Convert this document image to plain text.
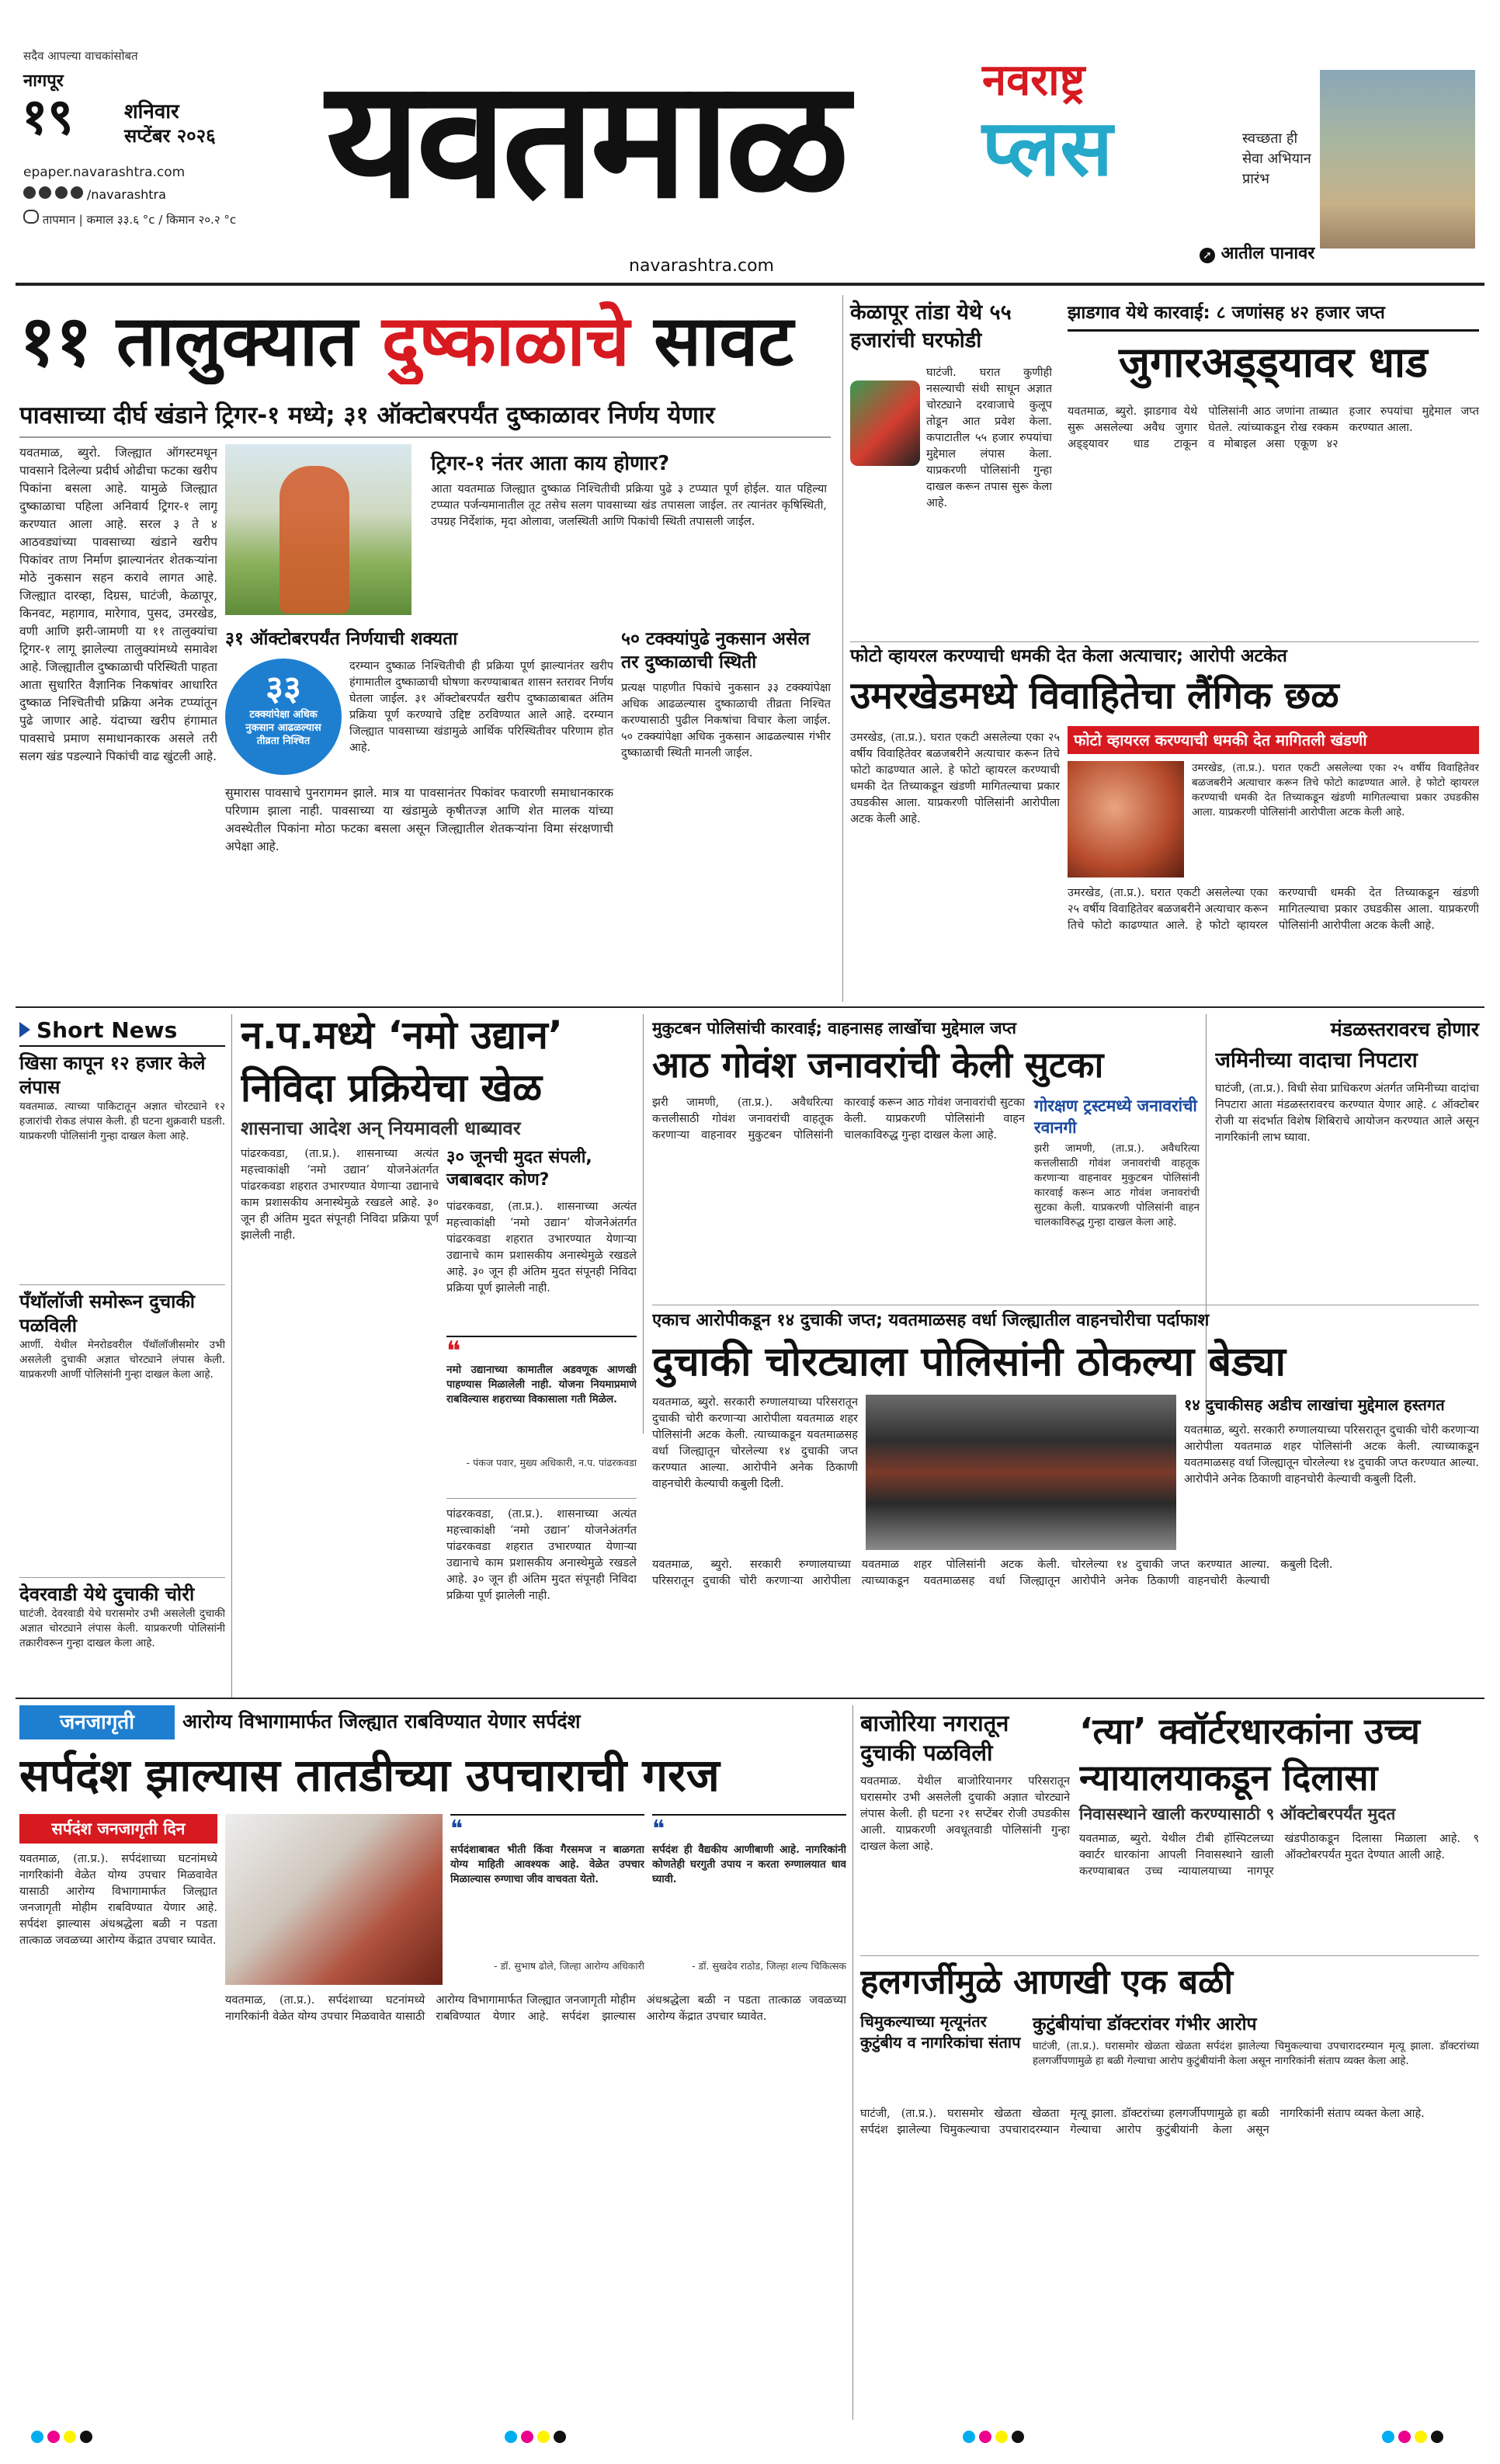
सदैव आपल्या वाचकांसोबत
नागपूर
१९	शनिवार
सप्टेंबर २०२६
epaper.navarashtra.com
/navarashtra
तापमान | कमाल ३३.६ °c / किमान २०.२ °c यवतमाळ
navarashtra.com
नवराष्ट्र
प्लस	स्वच्छता ही सेवा अभियान प्रारंभ
➚ आतील पानावर
११ तालुक्यात दुष्काळाचे सावट
पावसाच्या दीर्घ खंडाने ट्रिगर-१ मध्ये; ३१ ऑक्टोबरपर्यंत दुष्काळावर निर्णय येणार
यवतमाळ, ब्युरो. जिल्ह्यात ऑगस्टमधून पावसाने दिलेल्या प्रदीर्घ ओढीचा फटका खरीप पिकांना बसला आहे. यामुळे जिल्ह्यात दुष्काळाचा पहिला अनिवार्य ट्रिगर-१ लागू करण्यात आला आहे. सरल ३ ते ४ आठवड्यांच्या पावसाच्या खंडाने खरीप पिकांवर ताण निर्माण झाल्यानंतर शेतकऱ्यांना मोठे नुकसान सहन करावे लागत आहे. जिल्ह्यात दारव्हा, दिग्रस, घाटंजी, केळापूर, किनवट, महागाव, मारेगाव, पुसद, उमरखेड, वणी आणि झरी-जामणी या ११ तालुक्यांचा ट्रिगर-१ लागू झालेल्या तालुक्यांमध्ये समावेश आहे. जिल्ह्यातील दुष्काळाची परिस्थिती पाहता आता सुधारित वैज्ञानिक निकषांवर आधारित दुष्काळ निश्चितीची प्रक्रिया अनेक टप्प्यांतून पुढे जाणार आहे. यंदाच्या खरीप हंगामात पावसाचे प्रमाण समाधानकारक असले तरी सलग खंड पडल्याने पिकांची वाढ खुंटली आहे.
३१ ऑक्टोबरपर्यंत निर्णयाची शक्यता
३३
टक्क्यांपेक्षा अधिक नुकसान आढळल्यास तीव्रता निश्चित
दरम्यान दुष्काळ निश्चितीची ही प्रक्रिया पूर्ण झाल्यानंतर खरीप हंगामातील दुष्काळाची घोषणा करण्याबाबत शासन स्तरावर निर्णय घेतला जाईल. ३१ ऑक्टोबरपर्यंत खरीप दुष्काळाबाबत अंतिम प्रक्रिया पूर्ण करण्याचे उद्दिष्ट ठरविण्यात आले आहे. दरम्यान जिल्ह्यात पावसाच्या खंडामुळे आर्थिक परिस्थितीवर परिणाम होत आहे.
सुमारास पावसाचे पुनरागमन झाले. मात्र या पावसानंतर पिकांवर फवारणी समाधानकारक परिणाम झाला नाही. पावसाच्या या खंडामुळे कृषीतज्ज्ञ आणि शेत मालक यांच्या अवस्थेतील पिकांना मोठा फटका बसला असून जिल्ह्यातील शेतकऱ्यांना विमा संरक्षणाची अपेक्षा आहे.
ट्रिगर-१ नंतर आता काय होणार?
आता यवतमाळ जिल्ह्यात दुष्काळ निश्चितीची प्रक्रिया पुढे ३ टप्प्यात पूर्ण होईल. यात पहिल्या टप्प्यात पर्जन्यमानातील तूट तसेच सलग पावसाच्या खंड तपासला जाईल. तर त्यानंतर कृषिस्थिती, उपग्रह निर्देशांक, मृदा ओलावा, जलस्थिती आणि पिकांची स्थिती तपासली जाईल.
५० टक्क्यांपुढे नुकसान असेल तर दुष्काळाची स्थिती
प्रत्यक्ष पाहणीत पिकांचे नुकसान ३३ टक्क्यांपेक्षा अधिक आढळल्यास दुष्काळाची तीव्रता निश्चित करण्यासाठी पुढील निकषांचा विचार केला जाईल. ५० टक्क्यांपेक्षा अधिक नुकसान आढळल्यास गंभीर दुष्काळाची स्थिती मानली जाईल.
केळापूर तांडा येथे ५५ हजारांची घरफोडी
घाटंजी. घरात कुणीही नसल्याची संधी साधून अज्ञात चोरट्याने दरवाजाचे कुलूप तोडून आत प्रवेश केला. कपाटातील ५५ हजार रुपयांचा मुद्देमाल लंपास केला. याप्रकरणी पोलिसांनी गुन्हा दाखल करून तपास सुरू केला आहे.
झाडगाव येथे कारवाई: ८ जणांसह ४२ हजार जप्त
जुगारअड्ड्यावर धाड
यवतमाळ, ब्युरो. झाडगाव येथे सुरू असलेल्या अवैध जुगार अड्ड्यावर धाड टाकून पोलिसांनी आठ जणांना ताब्यात घेतले. त्यांच्याकडून रोख रक्कम व मोबाइल असा एकूण ४२ हजार रुपयांचा मुद्देमाल जप्त करण्यात आला.
फोटो व्हायरल करण्याची धमकी देत केला अत्याचार; आरोपी अटकेत
उमरखेडमध्ये विवाहितेचा लैंगिक छळ
फोटो व्हायरल करण्याची धमकी देत मागितली खंडणी
उमरखेड, (ता.प्र.). घरात एकटी असलेल्या एका २५ वर्षीय विवाहितेवर बळजबरीने अत्याचार करून तिचे फोटो काढण्यात आले. हे फोटो व्हायरल करण्याची धमकी देत तिच्याकडून खंडणी मागितल्याचा प्रकार उघडकीस आला. याप्रकरणी पोलिसांनी आरोपीला अटक केली आहे.
उमरखेड, (ता.प्र.). घरात एकटी असलेल्या एका २५ वर्षीय विवाहितेवर बळजबरीने अत्याचार करून तिचे फोटो काढण्यात आले. हे फोटो व्हायरल करण्याची धमकी देत तिच्याकडून खंडणी मागितल्याचा प्रकार उघडकीस आला. याप्रकरणी पोलिसांनी आरोपीला अटक केली आहे.
उमरखेड, (ता.प्र.). घरात एकटी असलेल्या एका २५ वर्षीय विवाहितेवर बळजबरीने अत्याचार करून तिचे फोटो काढण्यात आले. हे फोटो व्हायरल करण्याची धमकी देत तिच्याकडून खंडणी मागितल्याचा प्रकार उघडकीस आला. याप्रकरणी पोलिसांनी आरोपीला अटक केली आहे.
Short News
खिसा कापून १२ हजार केले लंपास
यवतमाळ. त्याच्या पाकिटातून अज्ञात चोरट्याने १२ हजारांची रोकड लंपास केली. ही घटना शुक्रवारी घडली. याप्रकरणी पोलिसांनी गुन्हा दाखल केला आहे.
पँथॉलॉजी समोरून दुचाकी पळविली
आर्णी. येथील मेनरोडवरील पॅथॉलॉजीसमोर उभी असलेली दुचाकी अज्ञात चोरट्याने लंपास केली. याप्रकरणी आर्णी पोलिसांनी गुन्हा दाखल केला आहे.
देवरवाडी येथे दुचाकी चोरी
घाटंजी. देवरवाडी येथे घरासमोर उभी असलेली दुचाकी अज्ञात चोरट्याने लंपास केली. याप्रकरणी पोलिसांनी तक्रारीवरून गुन्हा दाखल केला आहे.
न.प.मध्ये ‘नमो उद्यान’
निविदा प्रक्रियेचा खेळ
शासनाचा आदेश अन् नियमावली धाब्यावर
पांढरकवडा, (ता.प्र.). शासनाच्या अत्यंत महत्त्वाकांक्षी ‘नमो उद्यान’ योजनेअंतर्गत पांढरकवडा शहरात उभारण्यात येणाऱ्या उद्यानाचे काम प्रशासकीय अनास्थेमुळे रखडले आहे. ३० जून ही अंतिम मुदत संपूनही निविदा प्रक्रिया पूर्ण झालेली नाही.
३० जूनची मुदत संपली, जबाबदार कोण?
पांढरकवडा, (ता.प्र.). शासनाच्या अत्यंत महत्त्वाकांक्षी ‘नमो उद्यान’ योजनेअंतर्गत पांढरकवडा शहरात उभारण्यात येणाऱ्या उद्यानाचे काम प्रशासकीय अनास्थेमुळे रखडले आहे. ३० जून ही अंतिम मुदत संपूनही निविदा प्रक्रिया पूर्ण झालेली नाही.
❝
नमो उद्यानाच्या कामातील अडवणूक आणखी पाहण्यास मिळालेली नाही. योजना नियमाप्रमाणे राबविल्यास शहराच्या विकासाला गती मिळेल.
- पंकज पवार, मुख्य अधिकारी, न.प. पांढरकवडा
पांढरकवडा, (ता.प्र.). शासनाच्या अत्यंत महत्त्वाकांक्षी ‘नमो उद्यान’ योजनेअंतर्गत पांढरकवडा शहरात उभारण्यात येणाऱ्या उद्यानाचे काम प्रशासकीय अनास्थेमुळे रखडले आहे. ३० जून ही अंतिम मुदत संपूनही निविदा प्रक्रिया पूर्ण झालेली नाही.
मुकुटबन पोलिसांची कारवाई; वाहनासह लाखोंचा मुद्देमाल जप्त
आठ गोवंश जनावरांची केली सुटका
झरी जामणी, (ता.प्र.). अवैधरित्या कत्तलीसाठी गोवंश जनावरांची वाहतूक करणाऱ्या वाहनावर मुकुटबन पोलिसांनी कारवाई करून आठ गोवंश जनावरांची सुटका केली. याप्रकरणी पोलिसांनी वाहन चालकाविरुद्ध गुन्हा दाखल केला आहे.
गोरक्षण ट्रस्टमध्ये जनावरांची रवानगी
झरी जामणी, (ता.प्र.). अवैधरित्या कत्तलीसाठी गोवंश जनावरांची वाहतूक करणाऱ्या वाहनावर मुकुटबन पोलिसांनी कारवाई करून आठ गोवंश जनावरांची सुटका केली. याप्रकरणी पोलिसांनी वाहन चालकाविरुद्ध गुन्हा दाखल केला आहे.
मंडळस्तरावरच होणार
जमिनीच्या वादाचा निपटारा
घाटंजी, (ता.प्र.). विधी सेवा प्राधिकरण अंतर्गत जमिनीच्या वादांचा निपटारा आता मंडळस्तरावरच करण्यात येणार आहे. ८ ऑक्टोबर रोजी या संदर्भात विशेष शिबिराचे आयोजन करण्यात आले असून नागरिकांनी लाभ घ्यावा.
एकाच आरोपीकडून १४ दुचाकी जप्त; यवतमाळसह वर्धा जिल्ह्यातील वाहनचोरीचा पर्दाफाश
दुचाकी चोरट्याला पोलिसांनी ठोकल्या बेड्या
यवतमाळ, ब्युरो. सरकारी रुग्णालयाच्या परिसरातून दुचाकी चोरी करणाऱ्या आरोपीला यवतमाळ शहर पोलिसांनी अटक केली. त्याच्याकडून यवतमाळसह वर्धा जिल्ह्यातून चोरलेल्या १४ दुचाकी जप्त करण्यात आल्या. आरोपीने अनेक ठिकाणी वाहनचोरी केल्याची कबुली दिली.
१४ दुचाकीसह अडीच लाखांचा मुद्देमाल हस्तगत
यवतमाळ, ब्युरो. सरकारी रुग्णालयाच्या परिसरातून दुचाकी चोरी करणाऱ्या आरोपीला यवतमाळ शहर पोलिसांनी अटक केली. त्याच्याकडून यवतमाळसह वर्धा जिल्ह्यातून चोरलेल्या १४ दुचाकी जप्त करण्यात आल्या. आरोपीने अनेक ठिकाणी वाहनचोरी केल्याची कबुली दिली.
यवतमाळ, ब्युरो. सरकारी रुग्णालयाच्या परिसरातून दुचाकी चोरी करणाऱ्या आरोपीला यवतमाळ शहर पोलिसांनी अटक केली. त्याच्याकडून यवतमाळसह वर्धा जिल्ह्यातून चोरलेल्या १४ दुचाकी जप्त करण्यात आल्या. आरोपीने अनेक ठिकाणी वाहनचोरी केल्याची कबुली दिली.
जनजागृती	आरोग्य विभागामार्फत जिल्ह्यात राबविण्यात येणार सर्पदंश
सर्पदंश झाल्यास तातडीच्या उपचाराची गरज
सर्पदंश जनजागृती दिन
यवतमाळ, (ता.प्र.). सर्पदंशाच्या घटनांमध्ये नागरिकांनी वेळेत योग्य उपचार मिळवावेत यासाठी आरोग्य विभागामार्फत जिल्ह्यात जनजागृती मोहीम राबविण्यात येणार आहे. सर्पदंश झाल्यास अंधश्रद्धेला बळी न पडता तात्काळ जवळच्या आरोग्य केंद्रात उपचार घ्यावेत.
❝
सर्पदंशाबाबत भीती किंवा गैरसमज न बाळगता योग्य माहिती आवश्यक आहे. वेळेत उपचार मिळाल्यास रुग्णाचा जीव वाचवता येतो.
- डॉ. सुभाष ढोले, जिल्हा आरोग्य अधिकारी
❝
सर्पदंश ही वैद्यकीय आणीबाणी आहे. नागरिकांनी कोणतेही घरगुती उपाय न करता रुग्णालयात धाव घ्यावी.
- डॉ. सुखदेव राठोड, जिल्हा शल्य चिकित्सक
यवतमाळ, (ता.प्र.). सर्पदंशाच्या घटनांमध्ये नागरिकांनी वेळेत योग्य उपचार मिळवावेत यासाठी आरोग्य विभागामार्फत जिल्ह्यात जनजागृती मोहीम राबविण्यात येणार आहे. सर्पदंश झाल्यास अंधश्रद्धेला बळी न पडता तात्काळ जवळच्या आरोग्य केंद्रात उपचार घ्यावेत.
बाजोरिया नगरातून दुचाकी पळविली
यवतमाळ. येथील बाजोरियानगर परिसरातून घरासमोर उभी असलेली दुचाकी अज्ञात चोरट्याने लंपास केली. ही घटना २१ सप्टेंबर रोजी उघडकीस आली. याप्रकरणी अवधूतवाडी पोलिसांनी गुन्हा दाखल केला आहे.
‘त्या’ क्वॉर्टरधारकांना उच्च
न्यायालयाकडून दिलासा
निवासस्थाने खाली करण्यासाठी ९ ऑक्टोबरपर्यंत मुदत
यवतमाळ, ब्युरो. येथील टीबी हॉस्पिटलच्या क्वार्टर धारकांना आपली निवासस्थाने खाली करण्याबाबत उच्च न्यायालयाच्या नागपूर खंडपीठाकडून दिलासा मिळाला आहे. ९ ऑक्टोबरपर्यंत मुदत देण्यात आली आहे.
हलगर्जीमुळे आणखी एक बळी
चिमुकल्याच्या मृत्यूनंतर कुटुंबीय व नागरिकांचा संताप
कुटुंबीयांचा डॉक्टरांवर गंभीर आरोप
घाटंजी, (ता.प्र.). घरासमोर खेळता खेळता सर्पदंश झालेल्या चिमुकल्याचा उपचारादरम्यान मृत्यू झाला. डॉक्टरांच्या हलगर्जीपणामुळे हा बळी गेल्याचा आरोप कुटुंबीयांनी केला असून नागरिकांनी संताप व्यक्त केला आहे.
घाटंजी, (ता.प्र.). घरासमोर खेळता खेळता सर्पदंश झालेल्या चिमुकल्याचा उपचारादरम्यान मृत्यू झाला. डॉक्टरांच्या हलगर्जीपणामुळे हा बळी गेल्याचा आरोप कुटुंबीयांनी केला असून नागरिकांनी संताप व्यक्त केला आहे.
